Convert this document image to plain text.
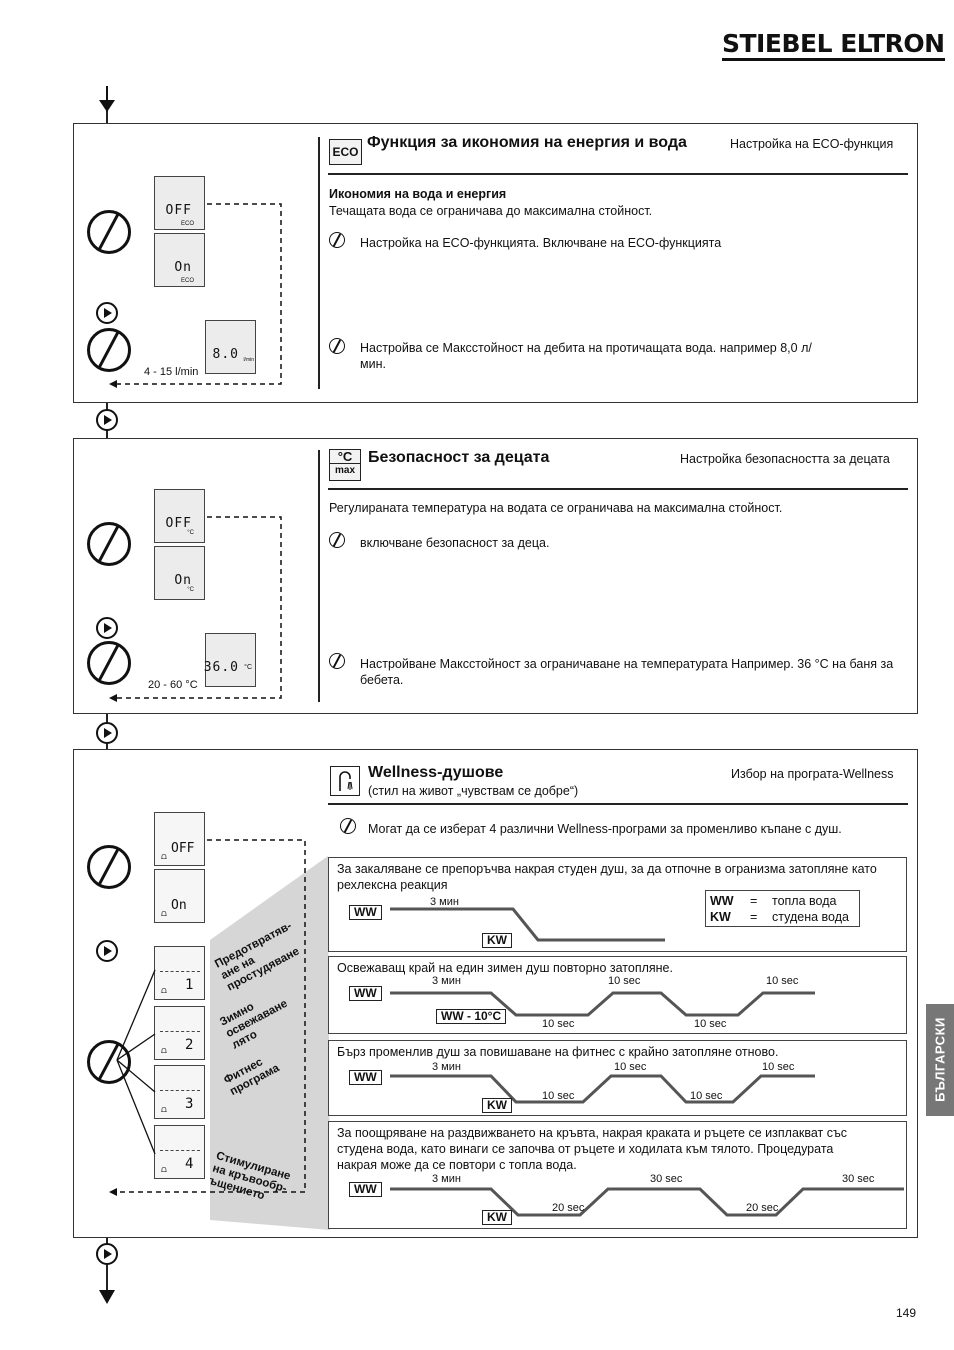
STIEBEL ELTRON
ECO
Функция за икономия на енергия и вода	Настройка на ECO-функция
Икономия на вода и енергия
Течащата вода се ограничава до максимална стойност.
Настройка на ECO-функцията. Включване на ECO-функцията
Настройва се Максстойност на дебита на протичащата вода. например 8,0 л/мин.
OFF
ECO
On
ECO
8.0 l/min
4 - 15 l/min
°C
max
Безопасност за децата	Настройка безопасността за децата
Регулираната температура на водата се ограничава на максимална стойност.
включване безопасност за деца.
Настройване Максстойност за ограничаване на температурата Например. 36 °C на баня за бебета.
OFF
°C
On
°C
36.0 °C
20 - 60 °C
Wellness-душове
(стил на живот „чувствам се добре“)
Избор на програта-Wellness
Могат да се изберат 4 различни Wellness-програми за променливо къпане с душ.
⩍ OFF
⩍ On
⩍ 1
⩍ 2
⩍ 3
⩍ 4
Предотвратяв-
ане на
простудяване
Зимно
освежаване
лято
Фитнес
програма
Стимулиране
на кръвообр-
ъщението
За закаляване се препоръчва накрая студен душ, за да отпочне в огранизма затопляне като рехлексна реакция
WW = топла вода
KW = студена вода
Освежаващ край на един зимен душ повторно затопляне.
Бърз променлив душ за повишаване на фитнес с крайно затопляне отново.
За поощряване на раздвижването на кръвта, накрая краката и ръцете се изплакват със студена вода, като винаги се започва от ръцете и ходилата към тялото. Процедурата накрая може да се повтори с топла вода.
WW
3 мин
KW
WW
3 мин	10 sec	10 sec
WW - 10°C
10 sec	10 sec
WW
3 мин	10 sec	10 sec
KW
10 sec	10 sec
WW
3 мин	30 sec	30 sec
KW
20 sec	20 sec
БЪЛГАРСКИ
149
